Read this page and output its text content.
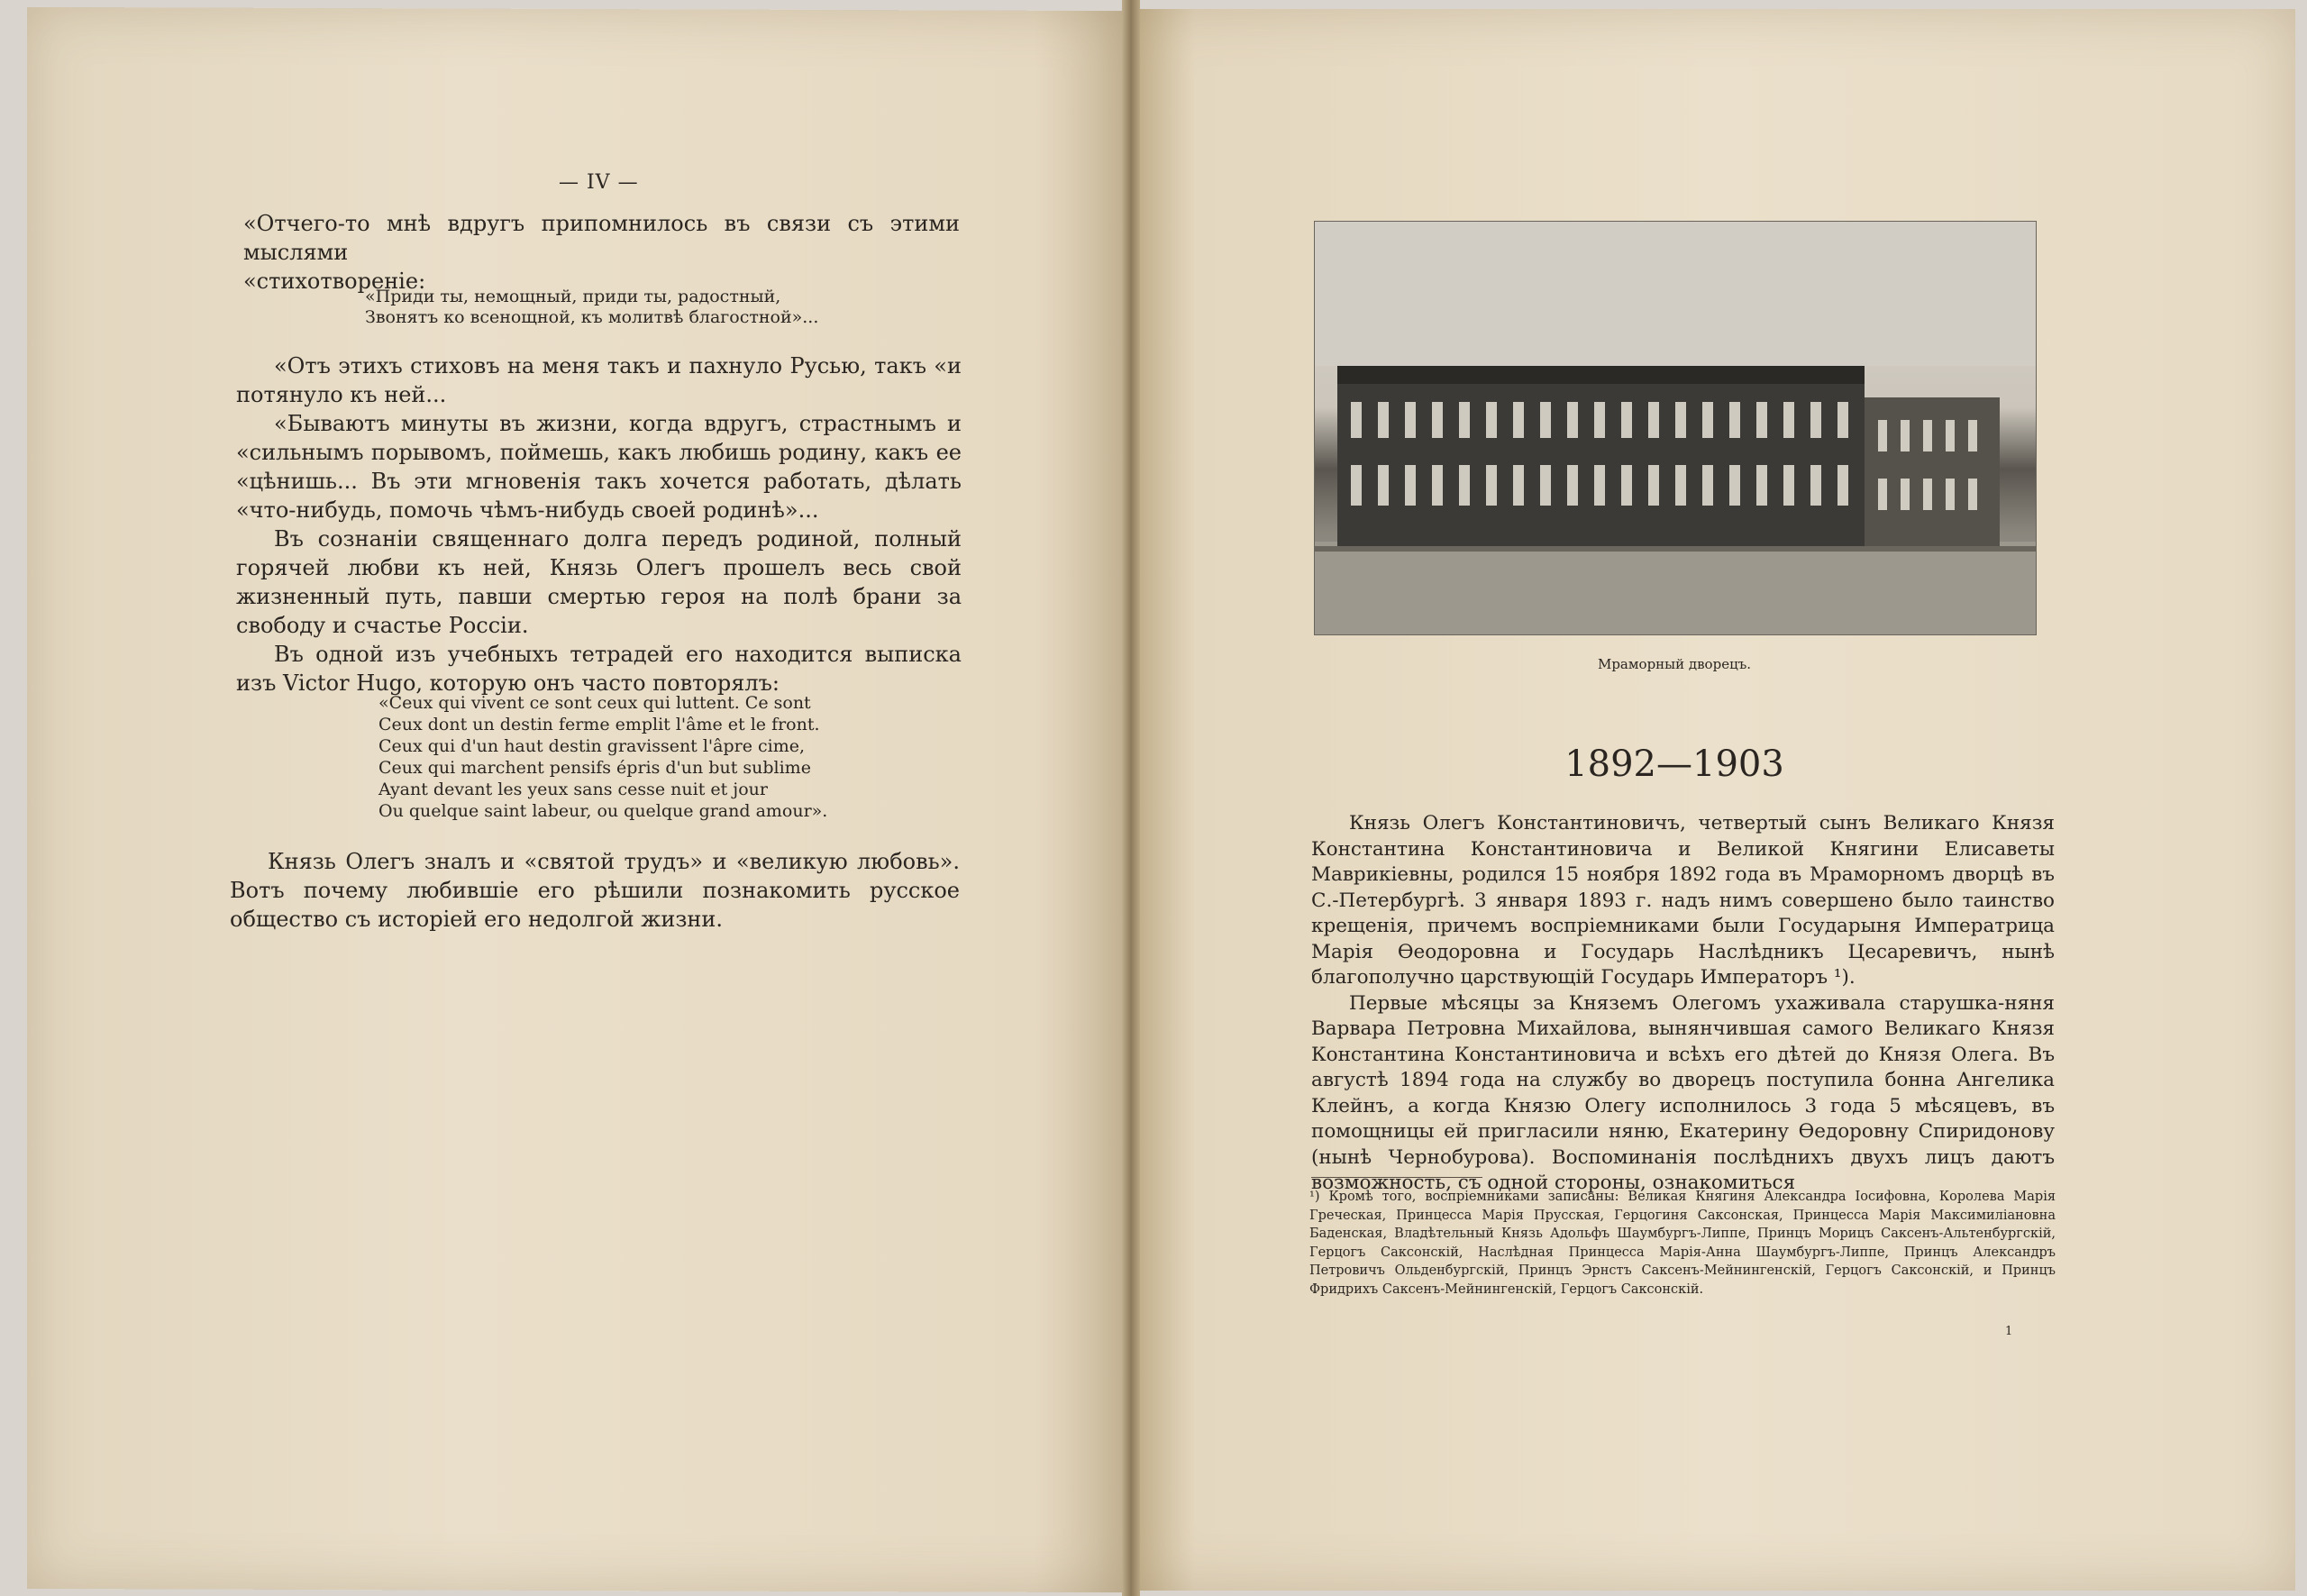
— IV —

«Отчего-то мнѣ вдругъ припомнилось въ связи съ этими мыслями

«стихотвореніе:

«Приди ты, немощный, приди ты, радостный,
Звонятъ ко всенощной, къ молитвѣ благостной»...

«Отъ этихъ стиховъ на меня такъ и пахнуло Русью, такъ «и потянуло къ ней...

«Бываютъ минуты въ жизни, когда вдругъ, страстнымъ и «сильнымъ порывомъ, поймешь, какъ любишь родину, какъ ее «цѣнишь... Въ эти мгновенія такъ хочется работать, дѣлать «что-нибудь, помочь чѣмъ-нибудь своей родинѣ»...

Въ сознаніи священнаго долга передъ родиной, полный горячей любви къ ней, Князь Олегъ прошелъ весь свой жизненный путь, павши смертью героя на полѣ брани за свободу и счастье Россіи.

Въ одной изъ учебныхъ тетрадей его находится выписка изъ Victor Hugo, которую онъ часто повторялъ:

«Ceux qui vivent ce sont ceux qui luttent. Ce sont
Ceux dont un destin ferme emplit l'âme et le front.
Ceux qui d'un haut destin gravissent l'âpre cime,
Ceux qui marchent pensifs épris d'un but sublime
Ayant devant les yeux sans cesse nuit et jour
Ou quelque saint labeur, ou quelque grand amour».

Князь Олегъ зналъ и «святой трудъ» и «великую любовь». Вотъ почему любившіе его рѣшили познакомить русское общество съ исторіей его недолгой жизни.

Мраморный дворецъ.
1892—1903

Князь Олегъ Константиновичъ, четвертый сынъ Великаго Князя Константина Константиновича и Великой Княгини Елисаветы Маврикіевны, родился 15 ноября 1892 года въ Мраморномъ дворцѣ въ С.-Петербургѣ. 3 января 1893 г. надъ нимъ совершено было таинство крещенія, причемъ воспріемниками были Государыня Императрица Марія Ѳеодоровна и Государь Наслѣдникъ Цесаревичъ, нынѣ благополучно царствующій Государь Императоръ ¹).

Первые мѣсяцы за Княземъ Олегомъ ухаживала старушка-няня Варвара Петровна Михайлова, вынянчившая самого Великаго Князя Константина Константиновича и всѣхъ его дѣтей до Князя Олега. Въ августѣ 1894 года на службу во дворецъ поступила бонна Ангелика Клейнъ, а когда Князю Олегу исполнилось 3 года 5 мѣсяцевъ, въ помощницы ей пригласили няню, Екатерину Ѳедоровну Спиридонову (нынѣ Чернобурова). Воспоминанія послѣднихъ двухъ лицъ даютъ возможность, съ одной стороны, ознакомиться

¹) Кромѣ того, воспріемниками записаны: Великая Княгиня Александра Іосифовна, Королева Марія Греческая, Принцесса Марія Прусская, Герцогиня Саксонская, Принцесса Марія Максимиліановна Баденская, Владѣтельный Князь Адольфъ Шаумбургъ-Липпе, Принцъ Морицъ Саксенъ-Альтенбургскій, Герцогъ Саксонскій, Наслѣдная Принцесса Марія-Анна Шаумбургъ-Липпе, Принцъ Александръ Петровичъ Ольденбургскій, Принцъ Эрнстъ Саксенъ-Мейнингенскій, Герцогъ Саксонскій, и Принцъ Фридрихъ Саксенъ-Мейнингенскій, Герцогъ Саксонскій.
1
